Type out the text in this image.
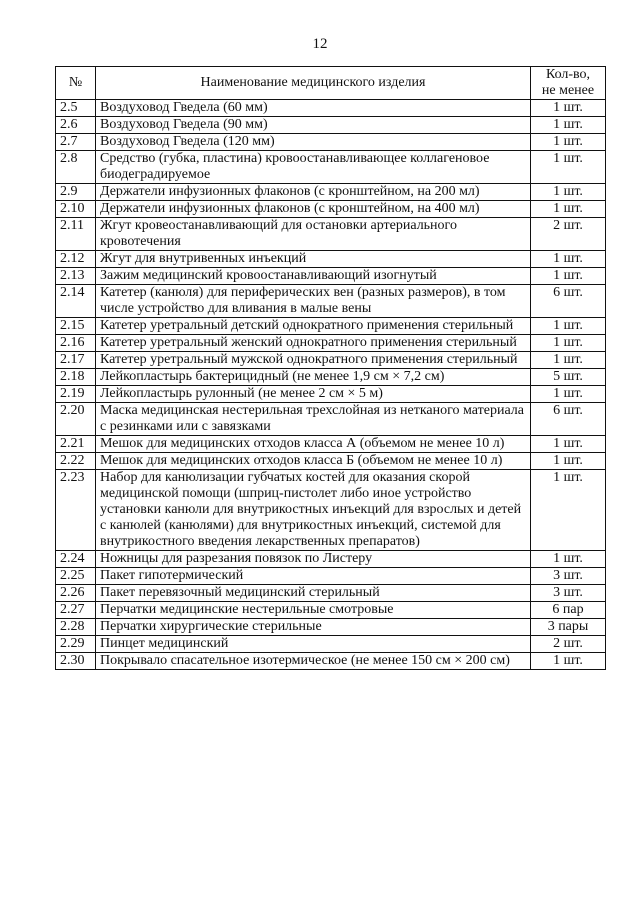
12
№	Наименование медицинского изделия	Кол-во,
не менее
2.5	Воздуховод Гведела (60 мм)	1 шт.
2.6	Воздуховод Гведела (90 мм)	1 шт.
2.7	Воздуховод Гведела (120 мм)	1 шт.
2.8	Средство (губка, пластина) кровоостанавливающее коллагеновое биодеградируемое	1 шт.
2.9	Держатели инфузионных флаконов (с кронштейном, на 200 мл)	1 шт.
2.10	Держатели инфузионных флаконов (с кронштейном, на 400 мл)	1 шт.
2.11	Жгут кровеостанавливающий для остановки артериального кровотечения	2 шт.
2.12	Жгут для внутривенных инъекций	1 шт.
2.13	Зажим медицинский кровоостанавливающий изогнутый	1 шт.
2.14	Катетер (канюля) для периферических вен (разных размеров), в том числе устройство для вливания в малые вены	6 шт.
2.15	Катетер уретральный детский однократного применения стерильный	1 шт.
2.16	Катетер уретральный женский однократного применения стерильный	1 шт.
2.17	Катетер уретральный мужской однократного применения стерильный	1 шт.
2.18	Лейкопластырь бактерицидный (не менее 1,9 см × 7,2 см)	5 шт.
2.19	Лейкопластырь рулонный (не менее 2 см × 5 м)	1 шт.
2.20	Маска медицинская нестерильная трехслойная из нетканого материала с резинками или с завязками	6 шт.
2.21	Мешок для медицинских отходов класса А (объемом не менее 10 л)	1 шт.
2.22	Мешок для медицинских отходов класса Б (объемом не менее 10 л)	1 шт.
2.23	Набор для канюлизации губчатых костей для оказания скорой медицинской помощи (шприц-пистолет либо иное устройство установки канюли для внутрикостных инъекций для взрослых и детей с канюлей (канюлями) для внутрикостных инъекций, системой для внутрикостного введения лекарственных препаратов)	1 шт.
2.24	Ножницы для разрезания повязок по Листеру	1 шт.
2.25	Пакет гипотермический	3 шт.
2.26	Пакет перевязочный медицинский стерильный	3 шт.
2.27	Перчатки медицинские нестерильные смотровые	6 пар
2.28	Перчатки хирургические стерильные	3 пары
2.29	Пинцет медицинский	2 шт.
2.30	Покрывало спасательное изотермическое (не менее 150 см × 200 см)	1 шт.
